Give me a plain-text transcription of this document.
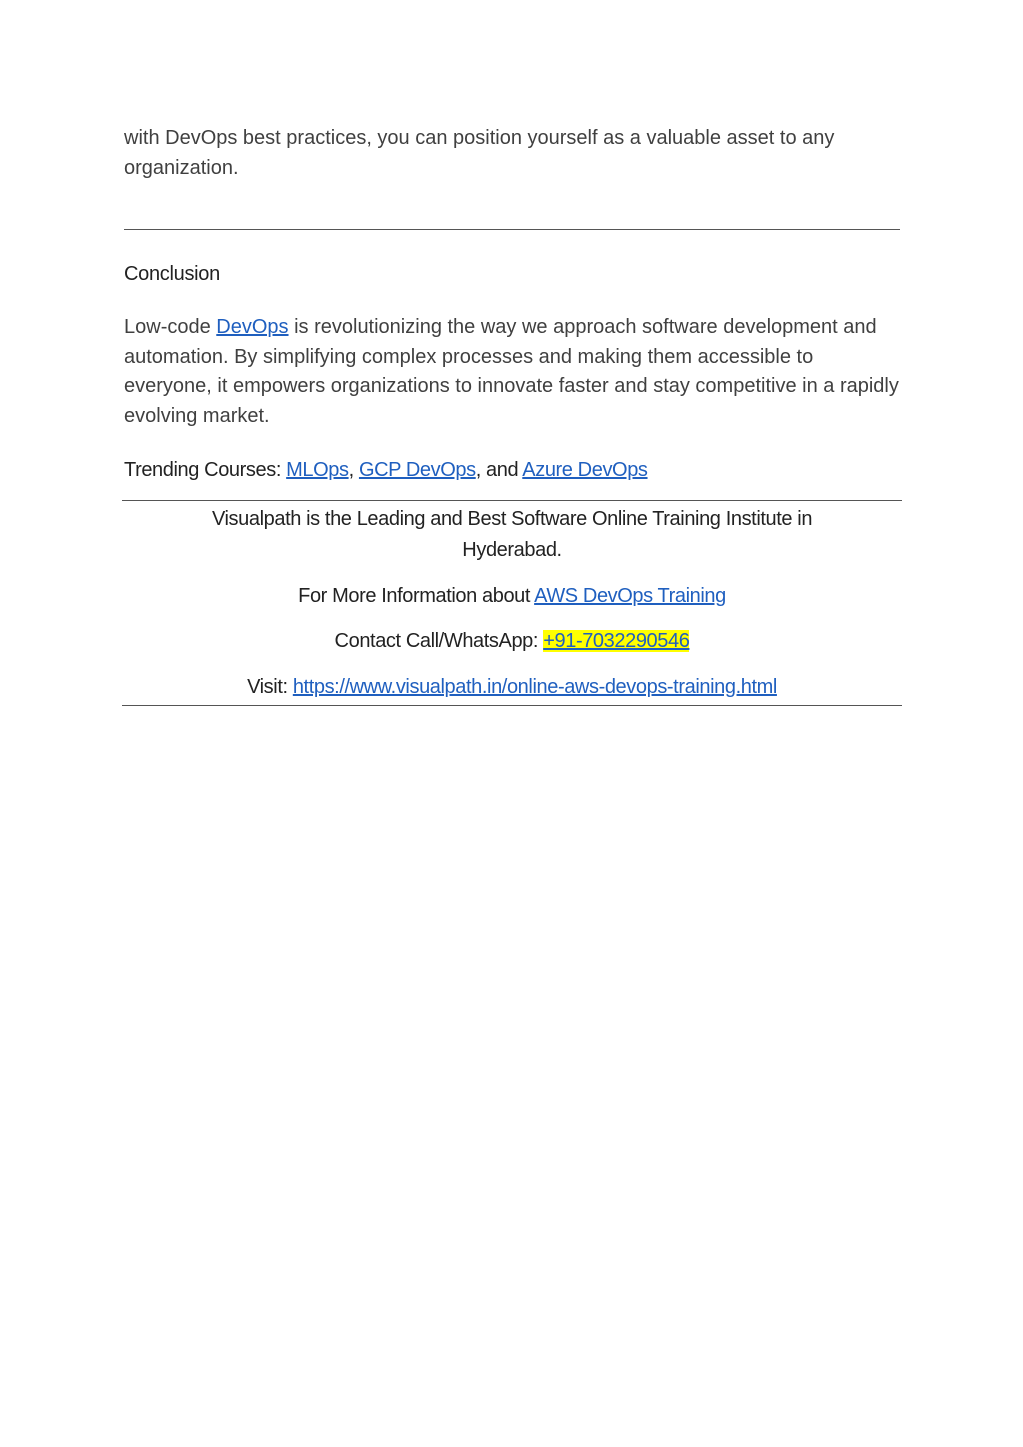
with DevOps best practices, you can position yourself as a valuable asset to any organization.

Conclusion

Low-code DevOps is revolutionizing the way we approach software development and automation. By simplifying complex processes and making them accessible to everyone, it empowers organizations to innovate faster and stay competitive in a rapidly evolving market.

Trending Courses: MLOps, GCP DevOps, and Azure DevOps
Visualpath is the Leading and Best Software Online Training Institute in Hyderabad.
For More Information about AWS DevOps Training
Contact Call/WhatsApp: +91-7032290546
Visit: https://www.visualpath.in/online-aws-devops-training.html
